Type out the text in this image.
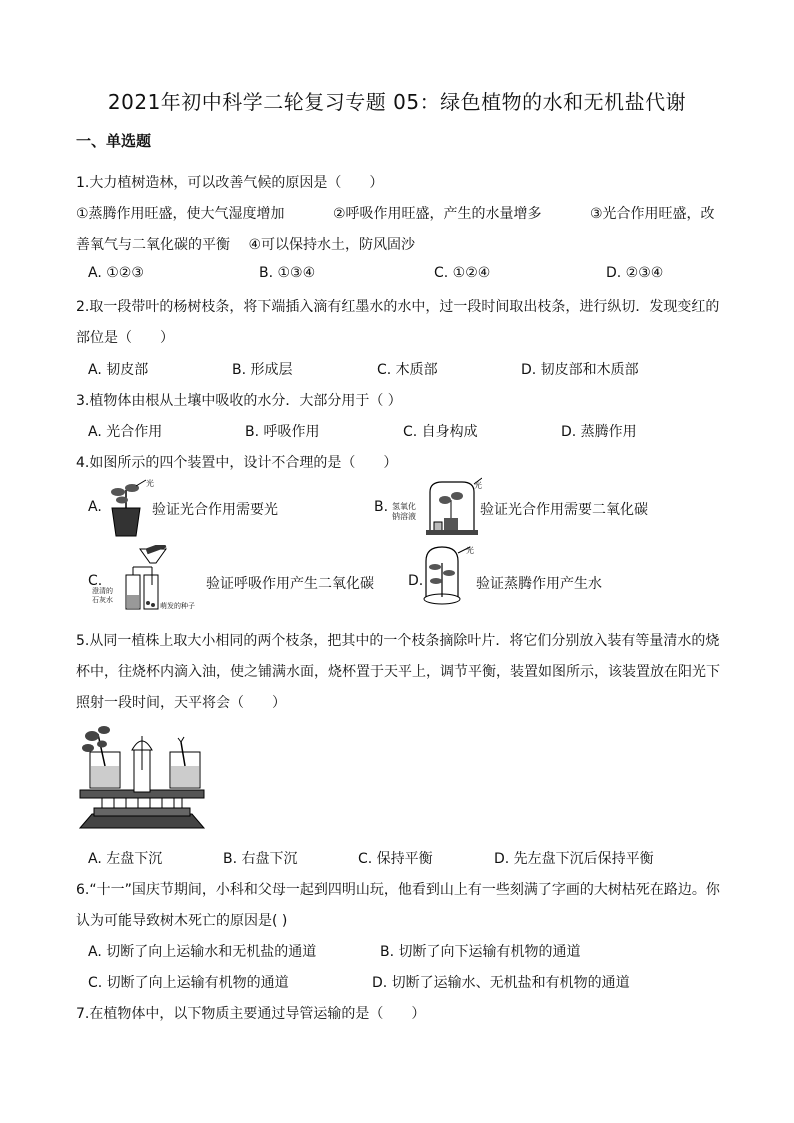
2021年初中科学二轮复习专题 05：绿色植物的水和无机盐代谢
一、单选题
1.大力植树造林，可以改善气候的原因是（　　）
①蒸腾作用旺盛，使大气湿度增加	②呼吸作用旺盛，产生的水量增多	③光合作用旺盛，改
善氧气与二氧化碳的平衡　 ④可以保持水土，防风固沙
A. ①②③	B. ①③④	C. ①②④	D. ②③④
2.取一段带叶的杨树枝条，将下端插入滴有红墨水的水中，过一段时间取出枝条，进行纵切．发现变红的
部位是（　　）
A. 韧皮部	B. 形成层	C. 木质部	D. 韧皮部和木质部
3.植物体由根从土壤中吸收的水分．大部分用于（ ）
A. 光合作用	B. 呼吸作用	C. 自身构成	D. 蒸腾作用
4.如图所示的四个装置中，设计不合理的是（　　）
A.
光
验证光合作用需要光	B. 氢氧化
钠溶液
光
验证光合作用需要二氧化碳
C.
澄清的
石灰水
萌发的种子
验证呼吸作用产生二氧化碳 D.
光
验证蒸腾作用产生水
5.从同一植株上取大小相同的两个枝条，把其中的一个枝条摘除叶片．将它们分别放入装有等量清水的烧
杯中，往烧杯内滴入油，使之铺满水面，烧杯置于天平上，调节平衡，装置如图所示，该装置放在阳光下
照射一段时间，天平将会（　　）
A. 左盘下沉	B. 右盘下沉	C. 保持平衡	D. 先左盘下沉后保持平衡
6.“十一”国庆节期间，小科和父母一起到四明山玩，他看到山上有一些刻满了字画的大树枯死在路边。你
认为可能导致树木死亡的原因是( )
A. 切断了向上运输水和无机盐的通道	B. 切断了向下运输有机物的通道
C. 切断了向上运输有机物的通道	D. 切断了运输水、无机盐和有机物的通道
7.在植物体中，以下物质主要通过导管运输的是（　　）
